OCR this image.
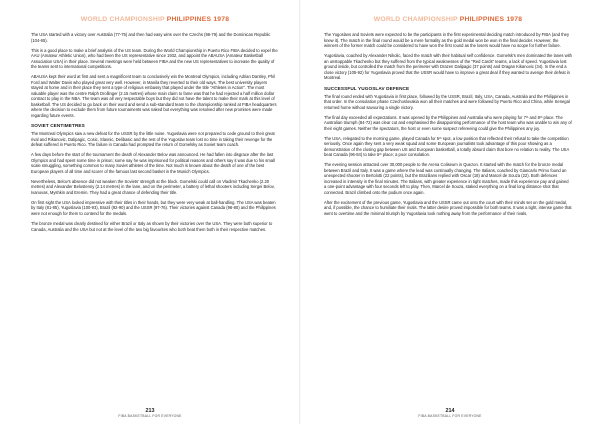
WORLD CHAMPIONSHIP PHILIPPINES 1978

The USA started with a victory over Australia (77-75) and then had easy wins over the Czechs (96-79) and the Dominican Republic (104-65).

This is a good place to make a brief analysis of the US team. During the World Championship in Puerto Rico FIBA decided to expel the AAU (Amateur Athletic Union), who had been the US representative since 1932, and appoint the ABAUSA (Amateur Basketball Association USA) in their place. Several meetings were held between FIBA and the new US representatives to increase the quality of the teams sent to international competitions.

ABAUSA kept their word at first and sent a magnificent team to conclusively win the Montreal Olympics, including Adrian Dantley, Phil Ford and Walter Davis who played great very well. However, in Manila they reverted to their old ways. The best university players stayed at home and in their place they sent a type of religious embassy that played under the title "Athletes in Action". The most valuable player was the centre Ralph Drollinger (2.15 metres) whose main claim to fame was that he had rejected a half million dollar contract to play in the NBA. The team was all very respectable boys but they did not have the talent to make their mark at this level of basketball. The US decided to go back on their word and send a sub-standard team to the championship ranked at FIBA headquarters where the decision to exclude them from future tournaments was naked but everything was resolved after new promises were made regarding future events.

SOVIET CENTIMETRES

The Montreal Olympics saw a new defeat for the USSR by the little noise. Yugoslavia were not prepared to cede ground to their great rival and Rikanovic, Dalipagic, Cosic, Slavnic, Delibasic and the rest of the Yugoslav team lost no time in taking their revenge for the defeat suffered in Puerto Rico. The failure in Canada had prompted the return of Gomelsky as Soviet team coach.

A few days before the start of the tournament the death of Alexander Belov was announced. He had fallen into disgrace after the last Olympics and had spent some time in prison; some say he was imprisoned for political reasons and others say it was due to his small scale smuggling, something common to many Soviet athletes of the time. Not much is known about the death of one of the best European players of all time and scorer of the famous last second basket in the Munich Olympics.

Nevertheless, Belov's absence did not weaken the Soviets' strength at the block. Gomelski could call on Vladimir Tkachenko (2.20 metres) and Alexander Belostenny (2.14 metres) in the lane, and on the perimeter, a battery of lethal shooters including Sergei Belov, Ivanovas, Myshkin and Eremin. They had a great chance of defending their title.

On first sight the USA looked impressive with their titles in their hands, but they were very weak at ball-handling. The USA was beaten by Italy (81-85), Yugoslavia (100-93), Brazil (92-90) and the USSR (97-76). Their victories against Canada (96-80) and the Philippines were not enough for them to contend for the medals.

The bronze medal was clearly destined for either Brazil or Italy as shown by their victories over the USA. They were both superior to Canada, Australia and the USA but not at the level of the two big favourites who both beat them both in their respective matches.

213
FIBA BASKETBALL FOR EVERYONE
WORLD CHAMPIONSHIP PHILIPPINES 1978

The Yugoslavs and Soviets were expected to be the participants in the first experimental deciding match introduced by FIBA (and they knew it). The match in the final round would be a mere formality as the gold medal won be won in the final decider. However, the winners of the former match could be considered to have won the first round as the losers would have no scope for further failure.

Yugoslavia, coached by Alexander Nikolic, faced the match with their habitual self confidence. Gomelsk's men dominated the lanes with an unstoppable Tkachenko but they suffered from the typical weaknesses of the "Red Cards" teams, a lack of speed. Yugoslavia lost ground inside, but controlled the match from the perimeter with Drazen Dalipagic (37 points) and Dragan Kikanovic (34). In the end a close victory (105-92) for Yugoslavia proved that the USSR would have to improve a great deal if they wanted to avenge their defeat in Montreal.

SUCCESSFUL YUGOSLAV DEFENCE

The final round ended with Yugoslavia in first place, followed by the USSR, Brazil, Italy, USA, Canada, Australia and the Philippines in that order. In the consolation phase Czechoslovakia won all their matches and were followed by Puerto Rico and China, while Senegal returned home without savouring a single victory.

The final day exceeded all expectations. It was opened by the Philippines and Australia who were playing for 7ᵗʰ and 8ᵗʰ place. The Australian triumph (84-72) was clear cut and emphasised the disappointing performance of the host team who was unable to win any of their eight games. Neither the spectators, the host or even some suspect refereeing could give the Philippines any joy.

The USA, relegated to the morning game, played Canada for 5ᵗʰ spot, a low position that reflected their refusal to take the competition seriously. Once again they sent a very weak squad and some European journalists took advantage of this poor showing as a demonstration of the closing gap between US and European basketball, a totally absurd claim that bore no relation to reality. The USA beat Canada (96-84) to take 5ᵗʰ place; a poor consolation.

The evening session attracted over 30,000 people to the Arena Coliseum in Quezon. It started with the match for the bronze medal between Brazil and Italy. It was a game where the lead was continually changing. The Italians, coached by Giancarlo Primo found an unexpected shooter in Bertolotti (22 points), but the Brazilians replied with Oscar (18) and Marcel de Souza (22). Both defences increased in intensity in the final minutes. The Italians, with greater experience in tight matches, made this experience pay and gained a one-point advantage with four seconds left to play. Then, Marcel de Souza, staked everything on a final long distance shot that connected. Brazil climbed onto the podium once again.

After the excitement of the previous game, Yugoslavia and the USSR came out onto the court with their minds set on the gold medal, and, if possible, the chance to humiliate their rivals. The latter desire proved impossible for both teams. It was a tight, intense game that went to overtime and the minimal triumph by Yugoslavia took nothing away from the performance of their rivals.

214
FIBA BASKETBALL FOR EVERYONE
